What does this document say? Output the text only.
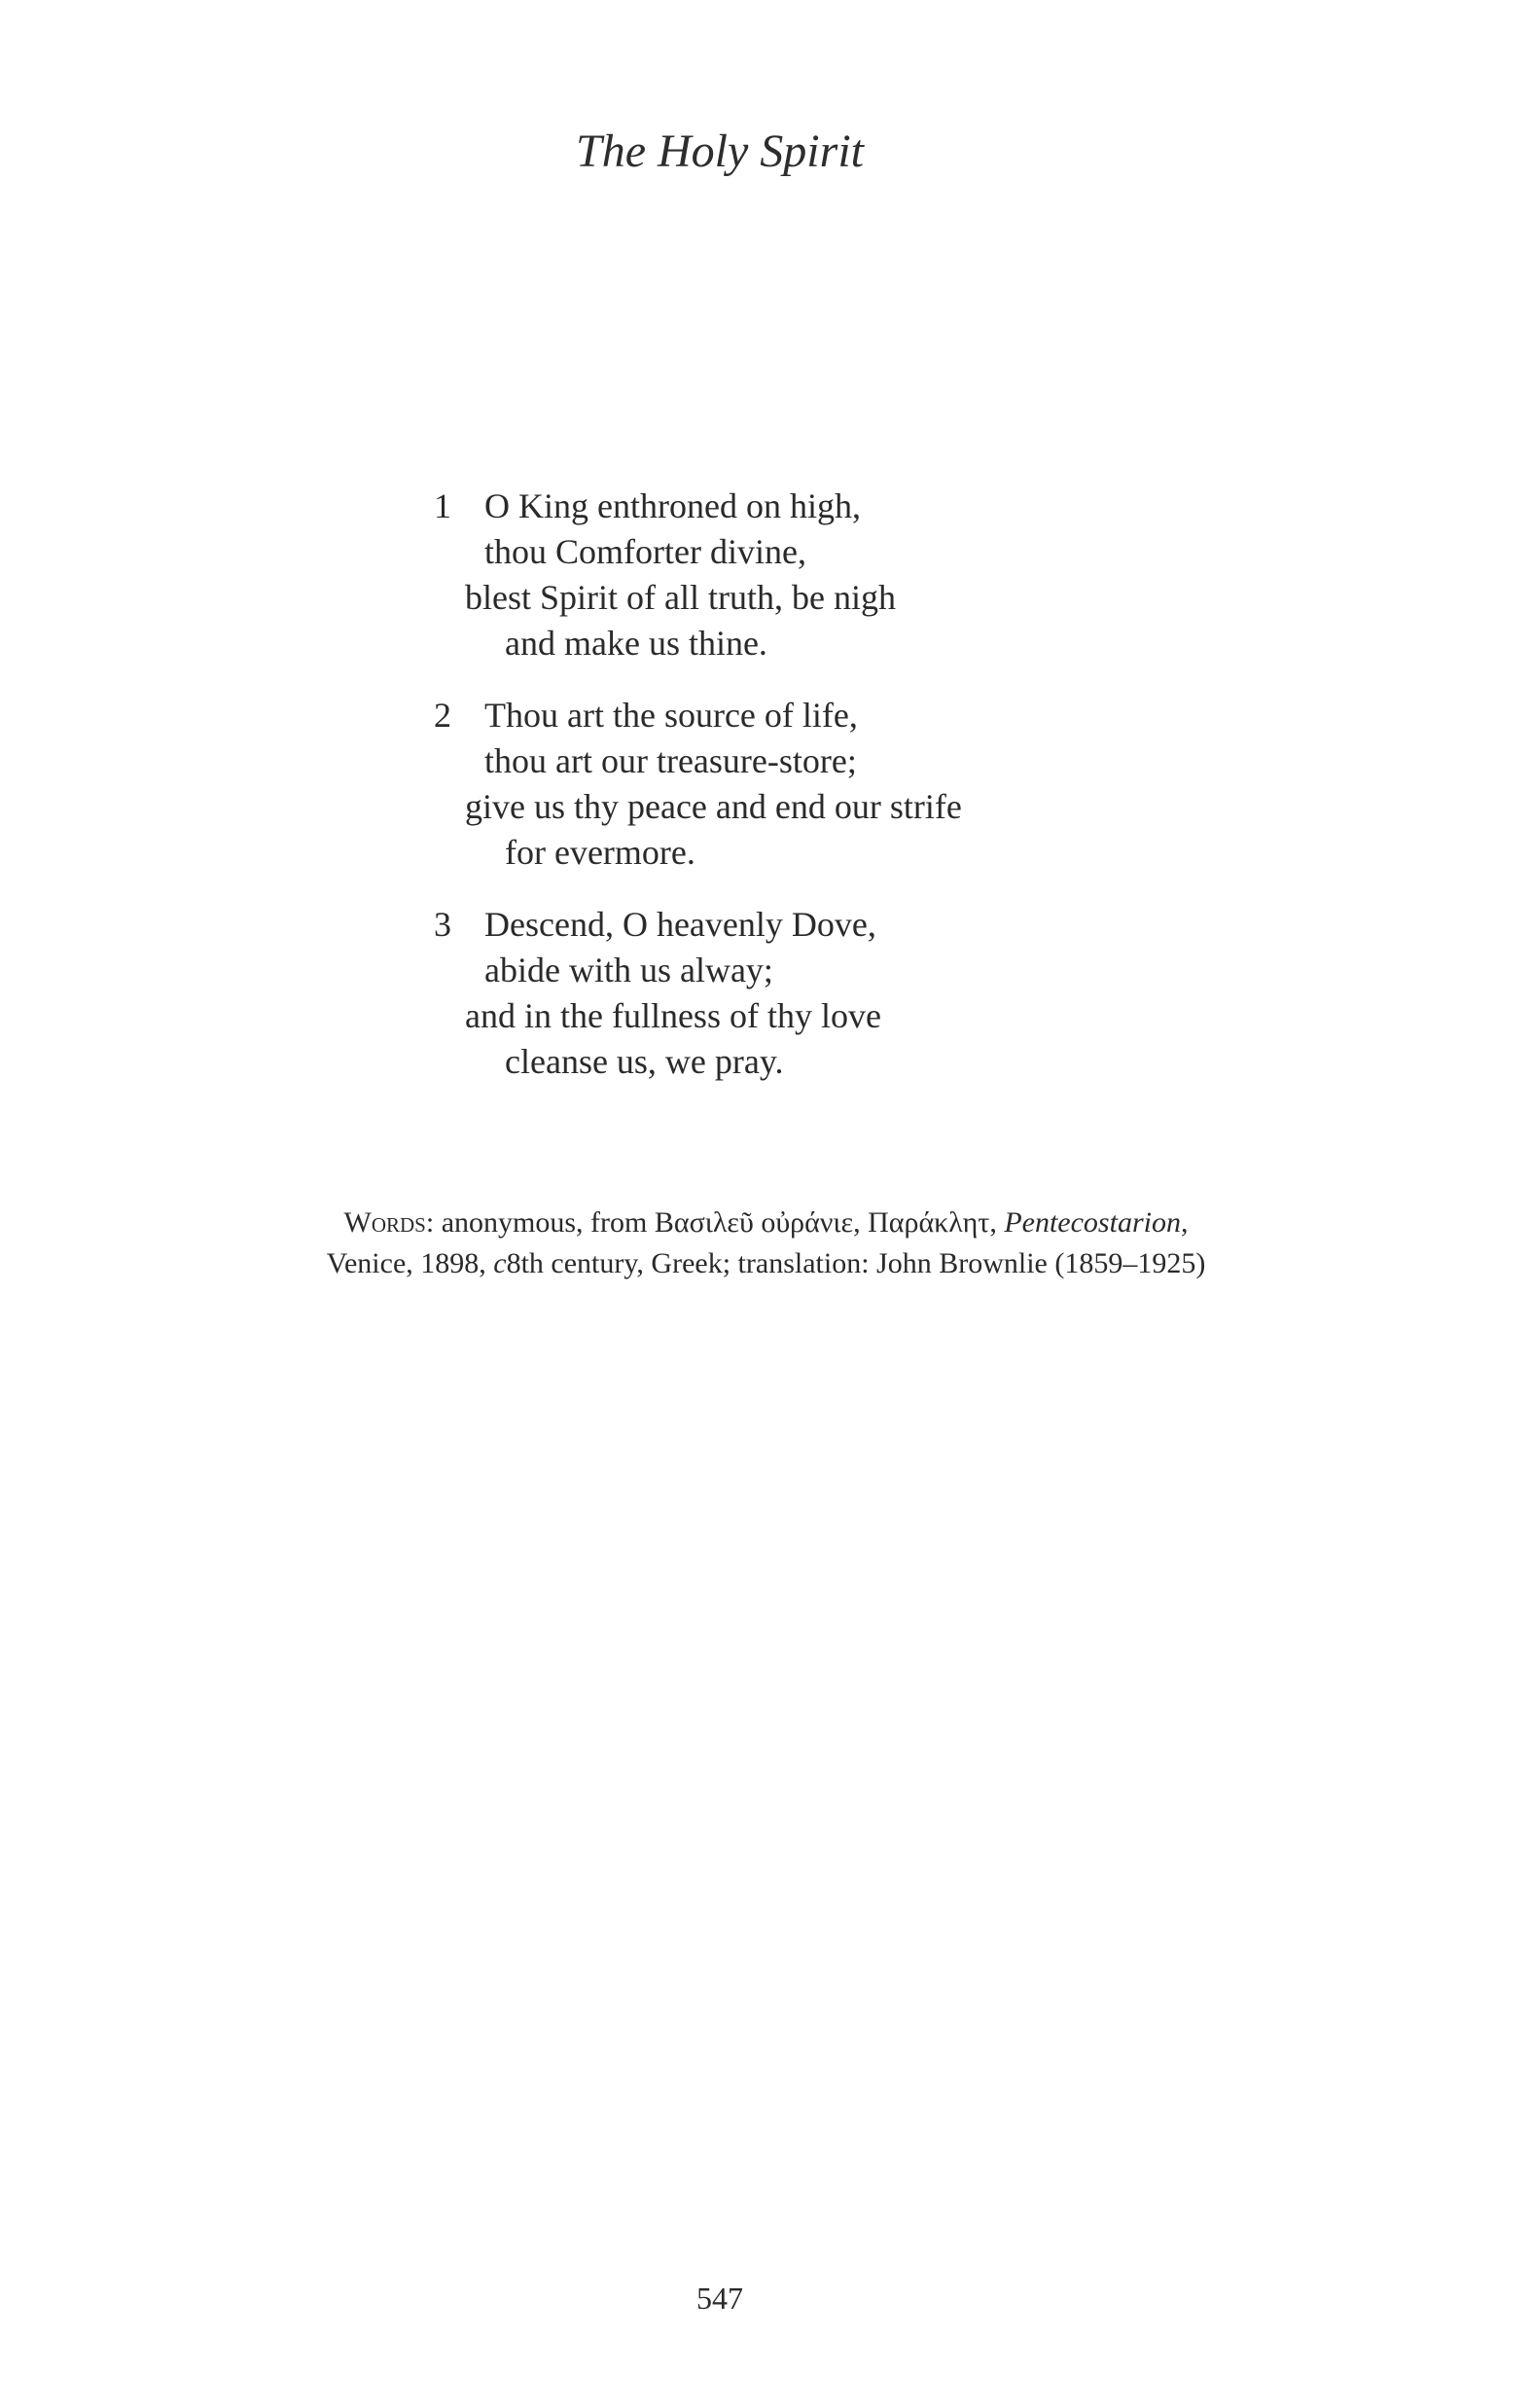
The Holy Spirit
1 O King enthroned on high,
thou Comforter divine,
blest Spirit of all truth, be nigh
and make us thine.
2 Thou art the source of life,
thou art our treasure-store;
give us thy peace and end our strife
for evermore.
3 Descend, O heavenly Dove,
abide with us alway;
and in the fullness of thy love
cleanse us, we pray.
Words: anonymous, from Βασιλεῦ οὐράνιε, Παράκλητ, Pentecostarion,
Venice, 1898, c8th century, Greek; translation: John Brownlie (1859–1925)
547
